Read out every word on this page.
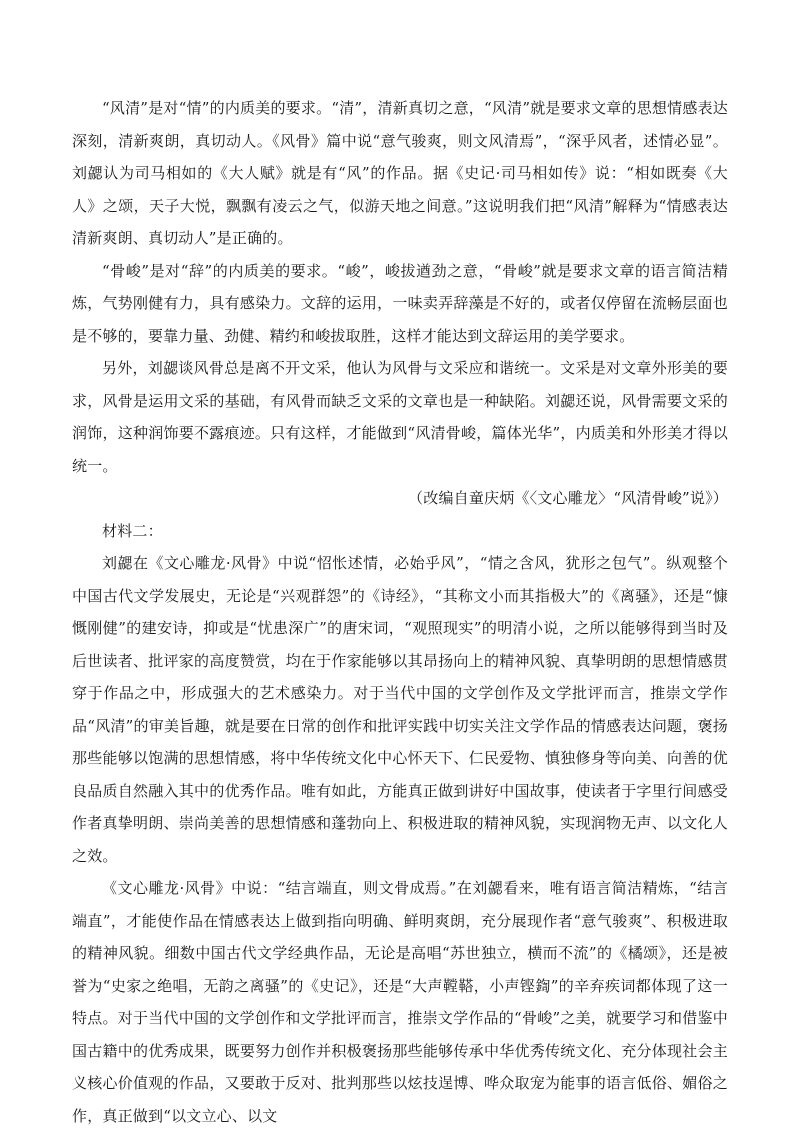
“风清”是对“情”的内质美的要求。“清”，清新真切之意，“风清”就是要求文章的思想情感表达深刻，清新爽朗，真切动人。《风骨》篇中说“意气骏爽，则文风清焉”，“深乎风者，述情必显”。刘勰认为司马相如的《大人赋》就是有“风”的作品。据《史记·司马相如传》说：“相如既奏《大人》之颂，天子大悦，飘飘有凌云之气，似游天地之间意。”这说明我们把“风清”解释为“情感表达清新爽朗、真切动人”是正确的。

“骨峻”是对“辞”的内质美的要求。“峻”，峻拔遒劲之意，“骨峻”就是要求文章的语言简洁精炼，气势刚健有力，具有感染力。文辞的运用，一味卖弄辞藻是不好的，或者仅停留在流畅层面也是不够的，要靠力量、劲健、精约和峻拔取胜，这样才能达到文辞运用的美学要求。

另外，刘勰谈风骨总是离不开文采，他认为风骨与文采应和谐统一。文采是对文章外形美的要求，风骨是运用文采的基础，有风骨而缺乏文采的文章也是一种缺陷。刘勰还说，风骨需要文采的润饰，这种润饰要不露痕迹。只有这样，才能做到“风清骨峻，篇体光华”，内质美和外形美才得以统一。

（改编自童庆炳《〈文心雕龙〉“风清骨峻”说》）

材料二：

刘勰在《文心雕龙·风骨》中说“怊怅述情，必始乎风”，“情之含风，犹形之包气”。纵观整个中国古代文学发展史，无论是“兴观群怨”的《诗经》，“其称文小而其指极大”的《离骚》，还是“慷慨刚健”的建安诗，抑或是“忧患深广”的唐宋词，“观照现实”的明清小说，之所以能够得到当时及后世读者、批评家的高度赞赏，均在于作家能够以其昂扬向上的精神风貌、真挚明朗的思想情感贯穿于作品之中，形成强大的艺术感染力。对于当代中国的文学创作及文学批评而言，推崇文学作品“风清”的审美旨趣，就是要在日常的创作和批评实践中切实关注文学作品的情感表达问题，褒扬那些能够以饱满的思想情感，将中华传统文化中心怀天下、仁民爱物、慎独修身等向美、向善的优良品质自然融入其中的优秀作品。唯有如此，方能真正做到讲好中国故事，使读者于字里行间感受作者真挚明朗、崇尚美善的思想情感和蓬勃向上、积极进取的精神风貌，实现润物无声、以文化人之效。

《文心雕龙·风骨》中说：“结言端直，则文骨成焉。”在刘勰看来，唯有语言简洁精炼，“结言端直”，才能使作品在情感表达上做到指向明确、鲜明爽朗，充分展现作者“意气骏爽”、积极进取的精神风貌。细数中国古代文学经典作品，无论是高唱“苏世独立，横而不流”的《橘颂》，还是被誉为“史家之绝唱，无韵之离骚”的《史记》，还是“大声鞺鞳，小声铿鍧”的辛弃疾词都体现了这一特点。对于当代中国的文学创作和文学批评而言，推崇文学作品的“骨峻”之美，就要学习和借鉴中国古籍中的优秀成果，既要努力创作并积极褒扬那些能够传承中华优秀传统文化、充分体现社会主义核心价值观的作品，又要敢于反对、批判那些以炫技逞博、哗众取宠为能事的语言低俗、媚俗之作，真正做到“以文立心、以文
